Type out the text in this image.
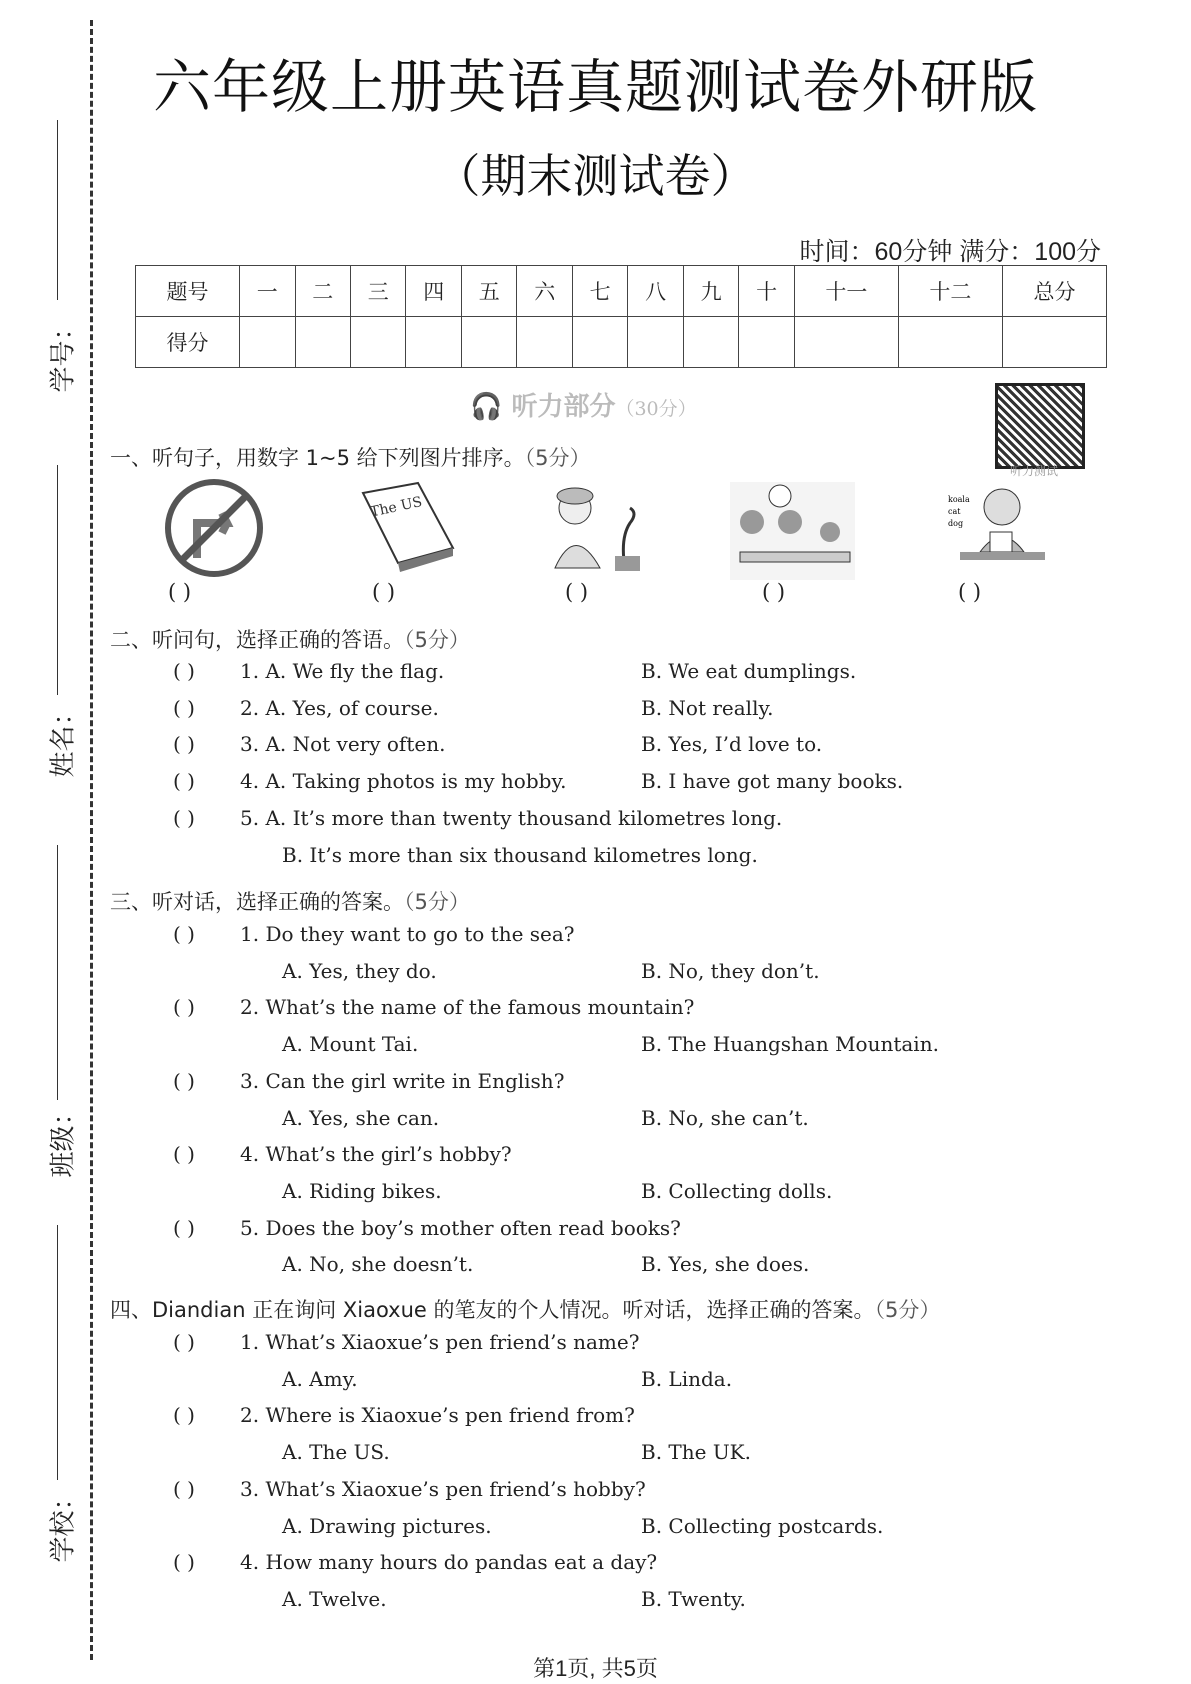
学号：
姓名：
班级：
学校：
六年级上册英语真题测试卷外研版
（期末测试卷）
时间：60分钟 满分：100分
题号	一	二	三	四	五	六	七	八	九	十	十一	十二	总分
得分													
🎧 听力部分（30分）
听力测试
一、听句子，用数字 1~5 给下列图片排序。（5分）
The US	koala
cat
dog
( )	( )	( )	( )	( )
二、听问句，选择正确的答语。（5分）
三、听对话，选择正确的答案。（5分）
四、Diandian 正在询问 Xiaoxue 的笔友的个人情况。听对话，选择正确的答案。（5分）
第1页, 共5页
( ) 1. A. We fly the flag.	B. We eat dumplings.
( ) 2. A. Yes, of course.	B. Not really.
( ) 3. A. Not very often.	B. Yes, I’d love to.
( ) 4. A. Taking photos is my hobby.	B. I have got many books.
( ) 5. A. It’s more than twenty thousand kilometres long.
B. It’s more than six thousand kilometres long.
( ) 1. Do they want to go to the sea?
A. Yes, they do.	B. No, they don’t.
( ) 2. What’s the name of the famous mountain?
A. Mount Tai.	B. The Huangshan Mountain.
( ) 3. Can the girl write in English?
A. Yes, she can.	B. No, she can’t.
( ) 4. What’s the girl’s hobby?
A. Riding bikes.	B. Collecting dolls.
( ) 5. Does the boy’s mother often read books?
A. No, she doesn’t.	B. Yes, she does.
( ) 1. What’s Xiaoxue’s pen friend’s name?
A. Amy.	B. Linda.
( ) 2. Where is Xiaoxue’s pen friend from?
A. The US.	B. The UK.
( ) 3. What’s Xiaoxue’s pen friend’s hobby?
A. Drawing pictures.	B. Collecting postcards.
( ) 4. How many hours do pandas eat a day?
A. Twelve.	B. Twenty.
